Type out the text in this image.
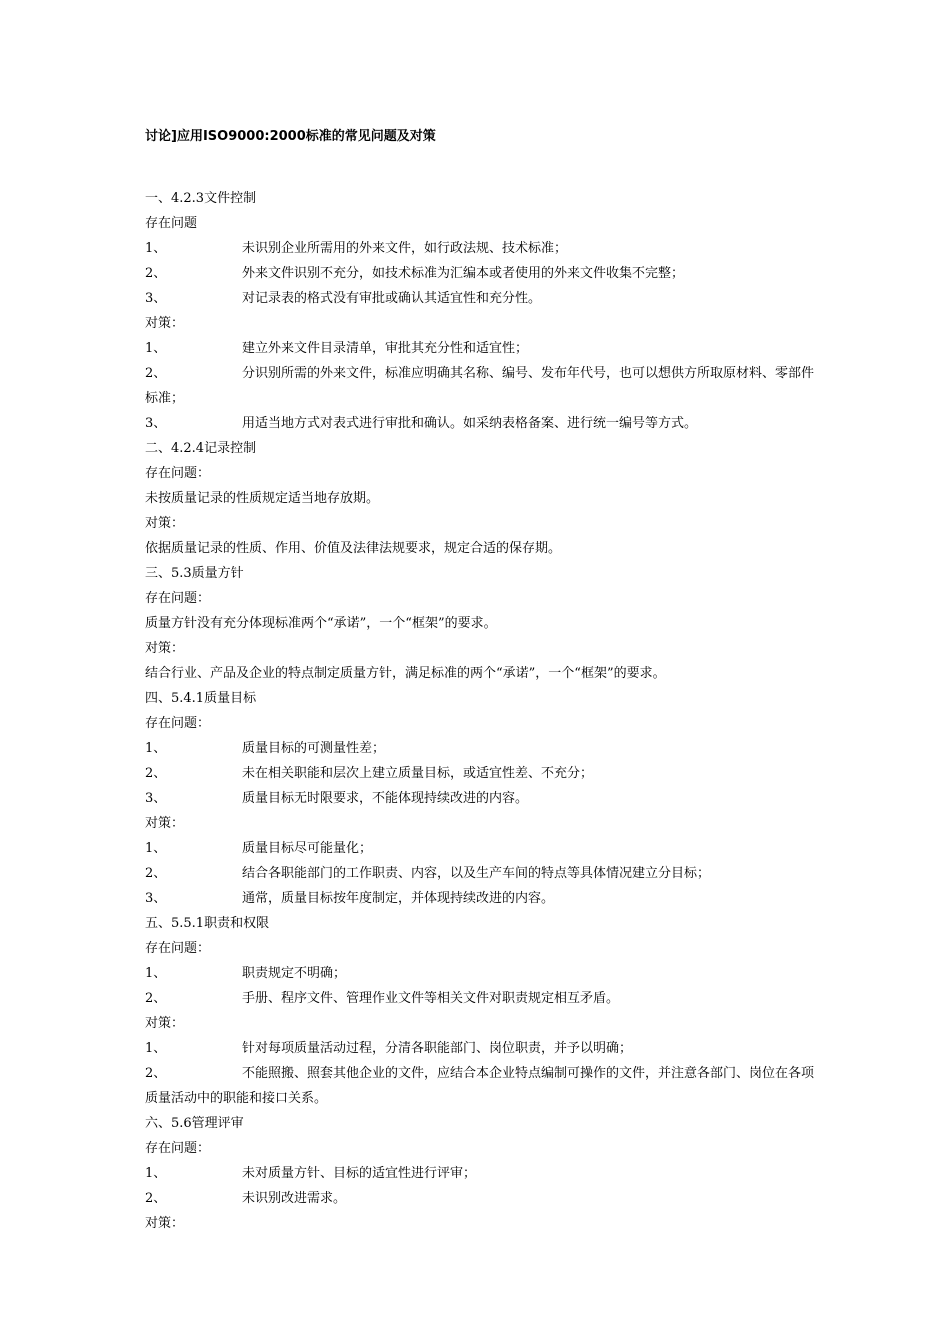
讨论]应用ISO9000:2000标准的常见问题及对策
一、4.2.3文件控制
存在问题
1、	未识别企业所需用的外来文件，如行政法规、技术标准；
2、	外来文件识别不充分，如技术标准为汇编本或者使用的外来文件收集不完整；
3、	对记录表的格式没有审批或确认其适宜性和充分性。
对策：
1、	建立外来文件目录清单，审批其充分性和适宜性；
2、	分识别所需的外来文件，标准应明确其名称、编号、发布年代号，也可以想供方所取原材料、零部件标准；
3、	用适当地方式对表式进行审批和确认。如采纳表格备案、进行统一编号等方式。
二、4.2.4记录控制
存在问题：
未按质量记录的性质规定适当地存放期。
对策：
依据质量记录的性质、作用、价值及法律法规要求，规定合适的保存期。
三、5.3质量方针
存在问题：
质量方针没有充分体现标准两个“承诺”，一个“框架”的要求。
对策：
结合行业、产品及企业的特点制定质量方针，满足标准的两个“承诺”，一个“框架”的要求。
四、5.4.1质量目标
存在问题：
1、	质量目标的可测量性差；
2、	未在相关职能和层次上建立质量目标，或适宜性差、不充分；
3、	质量目标无时限要求，不能体现持续改进的内容。
对策：
1、	质量目标尽可能量化；
2、	结合各职能部门的工作职责、内容，以及生产车间的特点等具体情况建立分目标；
3、	通常，质量目标按年度制定，并体现持续改进的内容。
五、5.5.1职责和权限
存在问题：
1、	职责规定不明确；
2、	手册、程序文件、管理作业文件等相关文件对职责规定相互矛盾。
对策：
1、	针对每项质量活动过程，分清各职能部门、岗位职责，并予以明确；
2、	不能照搬、照套其他企业的文件，应结合本企业特点编制可操作的文件，并注意各部门、岗位在各项质量活动中的职能和接口关系。
六、5.6管理评审
存在问题：
1、	未对质量方针、目标的适宜性进行评审；
2、	未识别改进需求。
对策：
